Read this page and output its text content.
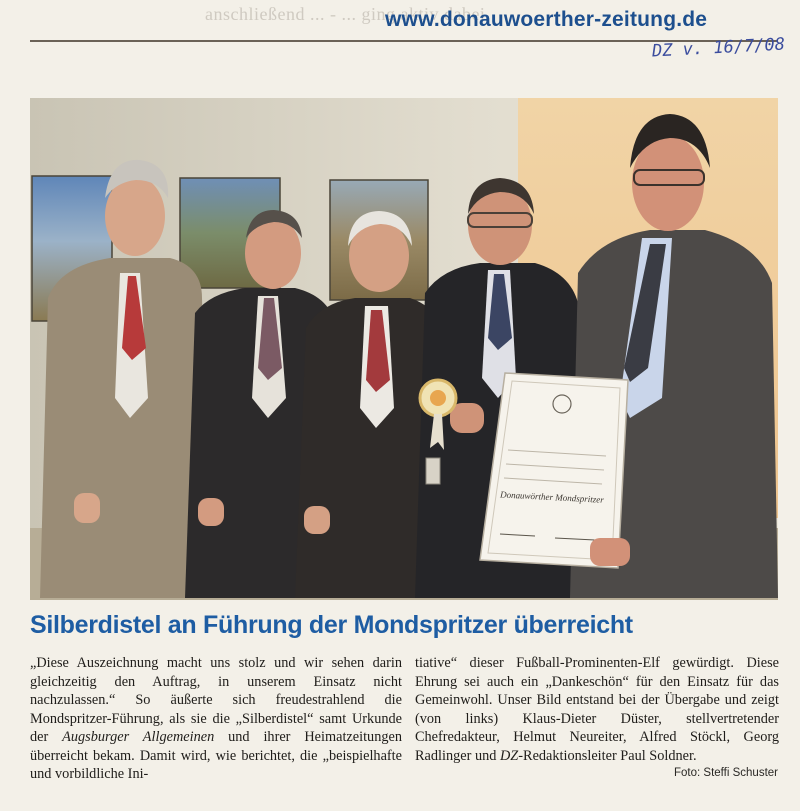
anschließend ... - ... ging aktiv dabei
www.donauwoerther-zeitung.de
DZ v. 16/7/08
Donauwörther Mondspritzer
Silberdistel an Führung der Mondspritzer überreicht

„Diese Auszeichnung macht uns stolz und wir sehen darin gleichzeitig den Auftrag, in unserem Einsatz nicht nachzulassen.“ So äußerte sich freudestrahlend die Mondspritzer-Führung, als sie die „Silberdistel“ samt Urkunde der Augsburger Allgemeinen und ihrer Heimatzeitungen überreicht bekam. Damit wird, wie berichtet, die „beispielhafte und vorbildliche Ini-

tiative“ dieser Fußball-Prominenten-Elf gewürdigt. Diese Ehrung sei auch ein „Dankeschön“ für den Einsatz für das Gemeinwohl. Unser Bild entstand bei der Übergabe und zeigt (von links) Klaus-Dieter Düster, stellvertretender Chefredakteur, Helmut Neureiter, Alfred Stöckl, Georg Radlinger und DZ-Redaktionsleiter Paul Soldner.

Foto: Steffi Schuster
